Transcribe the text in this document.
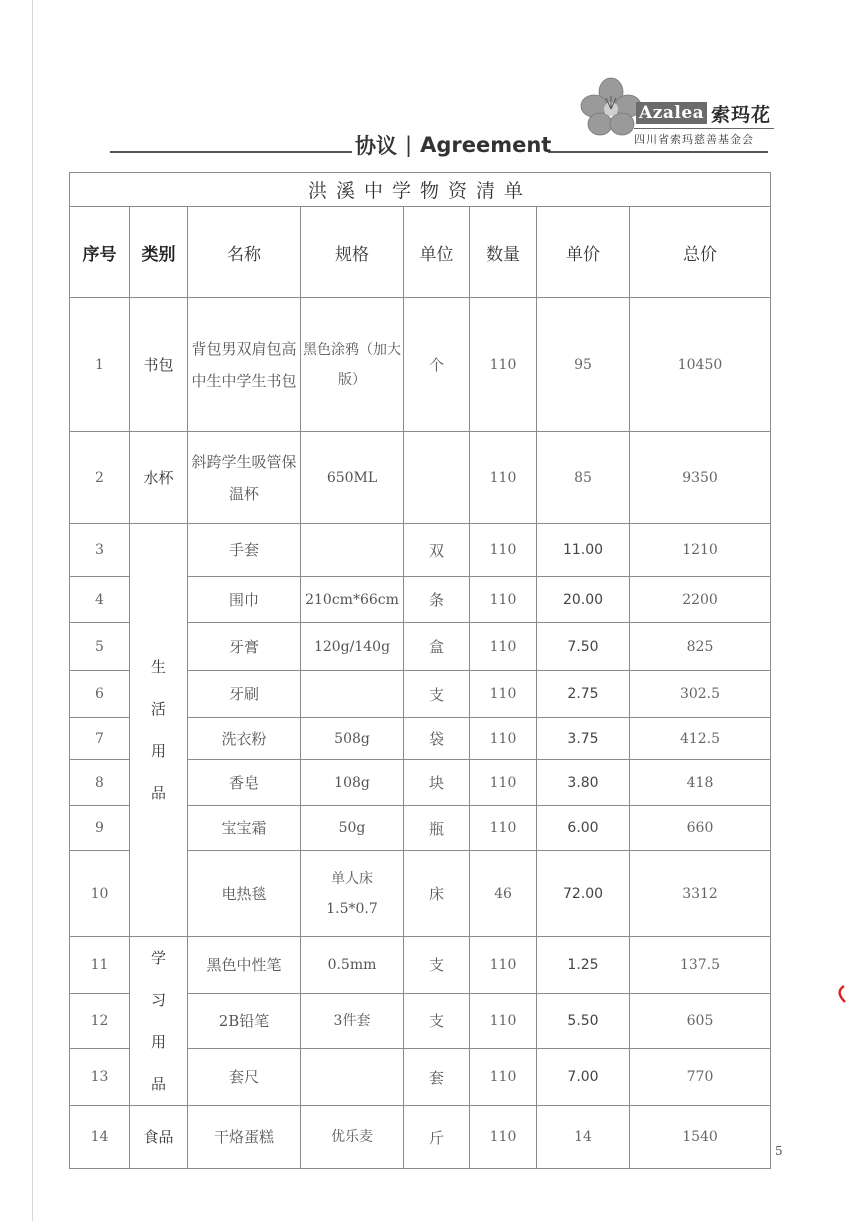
Azalea 索玛花
四川省索玛慈善基金会
协议 | Agreement
洪溪中学物资清单							
序号	类别	名称	规格	单位	数量	单价	总价
1	书包	背包男双肩包高中生中学生书包	黑色涂鸦（加大版）	个	110	95	10450
2	水杯	斜跨学生吸管保温杯	650ML		110	85	9350
3	生活用品	手套		双	110	11.00	1210
4		围巾	210cm*66cm	条	110	20.00	2200
5		牙膏	120g/140g	盒	110	7.50	825
6		牙刷		支	110	2.75	302.5
7		洗衣粉	508g	袋	110	3.75	412.5
8		香皂	108g	块	110	3.80	418
9		宝宝霜	50g	瓶	110	6.00	660
10		电热毯	单人床1.5*0.7	床	46	72.00	3312
11	学习用品	黑色中性笔	0.5mm	支	110	1.25	137.5
12		2B铅笔	3件套	支	110	5.50	605
13		套尺		套	110	7.00	770
14	食品	干烙蛋糕	优乐麦	斤	110	14	1540
5
